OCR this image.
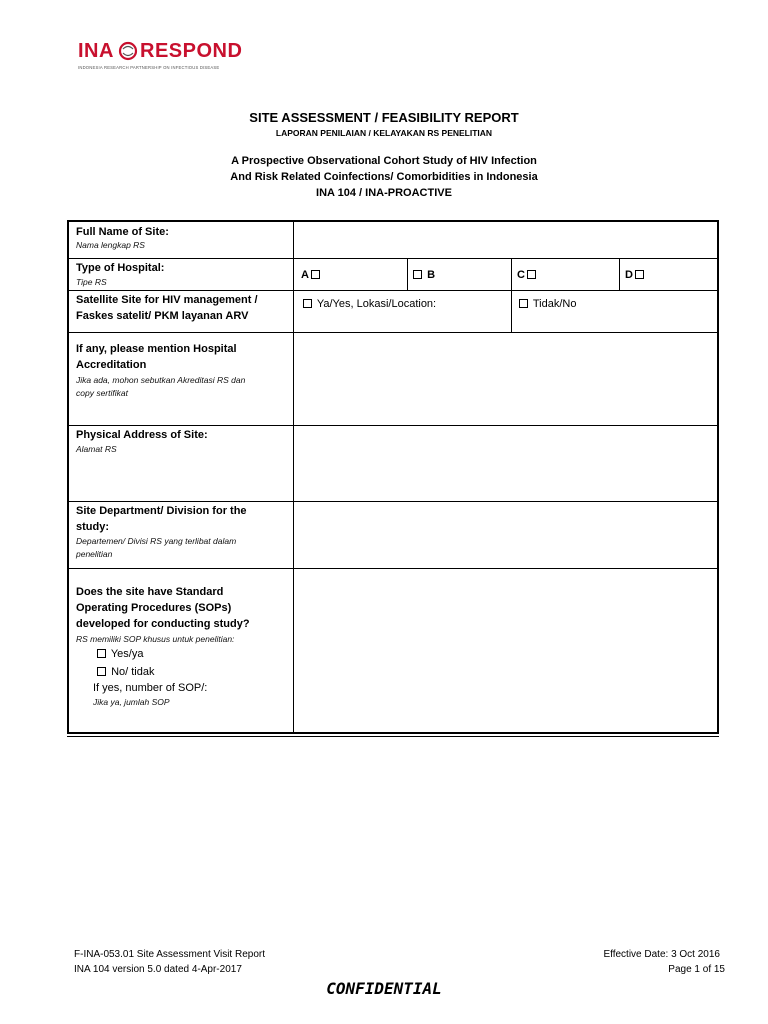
INA RESPOND
INDONESIA RESEARCH PARTNERSHIP ON INFECTIOUS DISEASE
SITE ASSESSMENT / FEASIBILITY REPORT
LAPORAN PENILAIAN / KELAYAKAN RS PENELITIAN
A Prospective Observational Cohort Study of HIV Infection
And Risk Related Coinfections/ Comorbidities in Indonesia
INA 104 / INA-PROACTIVE
Full Name of Site:
Nama lengkap RS
Type of Hospital:
Tipe RS
A	B	C	D
Satellite Site for HIV management /
Faskes satelit/ PKM layanan ARV
Ya/Yes, Lokasi/Location:	Tidak/No
If any, please mention Hospital
Accreditation
Jika ada, mohon sebutkan Akreditasi RS dan
copy sertifikat
Physical Address of Site:
Alamat RS
Site Department/ Division for the
study:
Departemen/ Divisi RS yang terlibat dalam
penelitian
Does the site have Standard
Operating Procedures (SOPs)
developed for conducting study?
RS memiliki SOP khusus untuk penelitian:
Yes/ya
No/ tidak
If yes, number of SOP/:
Jika ya, jumlah SOP
F-INA-053.01 Site Assessment Visit Report
INA 104 version 5.0 dated 4-Apr-2017
Effective Date: 3 Oct 2016
Page 1 of 15
CONFIDENTIAL
